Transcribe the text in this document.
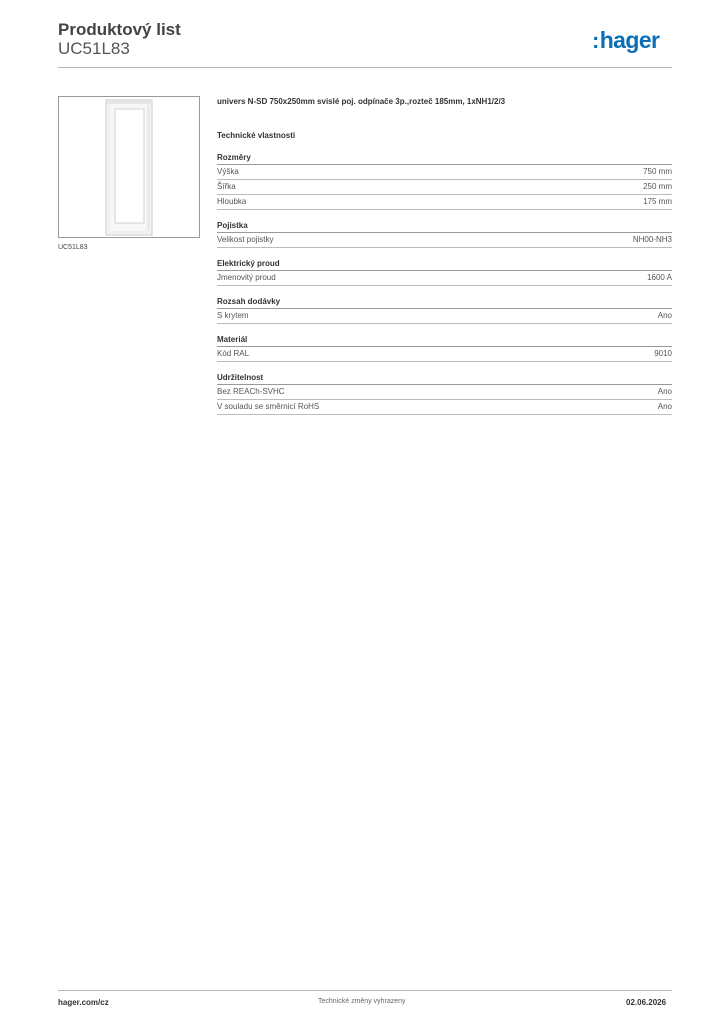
Produktový list
UC51L83	:hager
UC51L83
univers N-SD 750x250mm svislé poj. odpínače 3p.,rozteč 185mm, 1xNH1/2/3
Technické vlastnosti
Rozměry
Výška	750 mm
Šířka	250 mm
Hloubka	175 mm
Pojistka
Velikost pojistky	NH00-NH3
Elektrický proud
Jmenovitý proud	1600 A
Rozsah dodávky
S krytem	Ano
Materiál
Kód RAL	9010
Udržitelnost
Bez REACh-SVHC	Ano
V souladu se směrnicí RoHS	Ano
hager.com/cz	Technické změny vyhrazeny	02.06.2026
